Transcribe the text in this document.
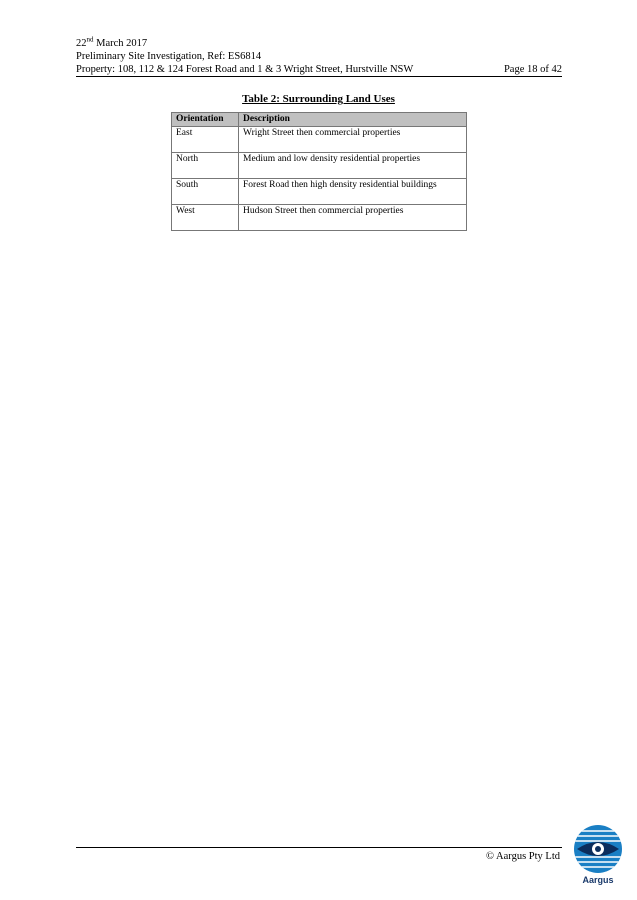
22nd March 2017
Preliminary Site Investigation, Ref: ES6814
Property: 108, 112 & 124 Forest Road and 1 & 3 Wright Street, Hurstville NSW	Page 18 of 42
Table 2: Surrounding Land Uses
Orientation	Description
East	Wright Street then commercial properties
North	Medium and low density residential properties
South	Forest Road then high density residential buildings
West	Hudson Street then commercial properties
© Aargus Pty Ltd
Aargus
